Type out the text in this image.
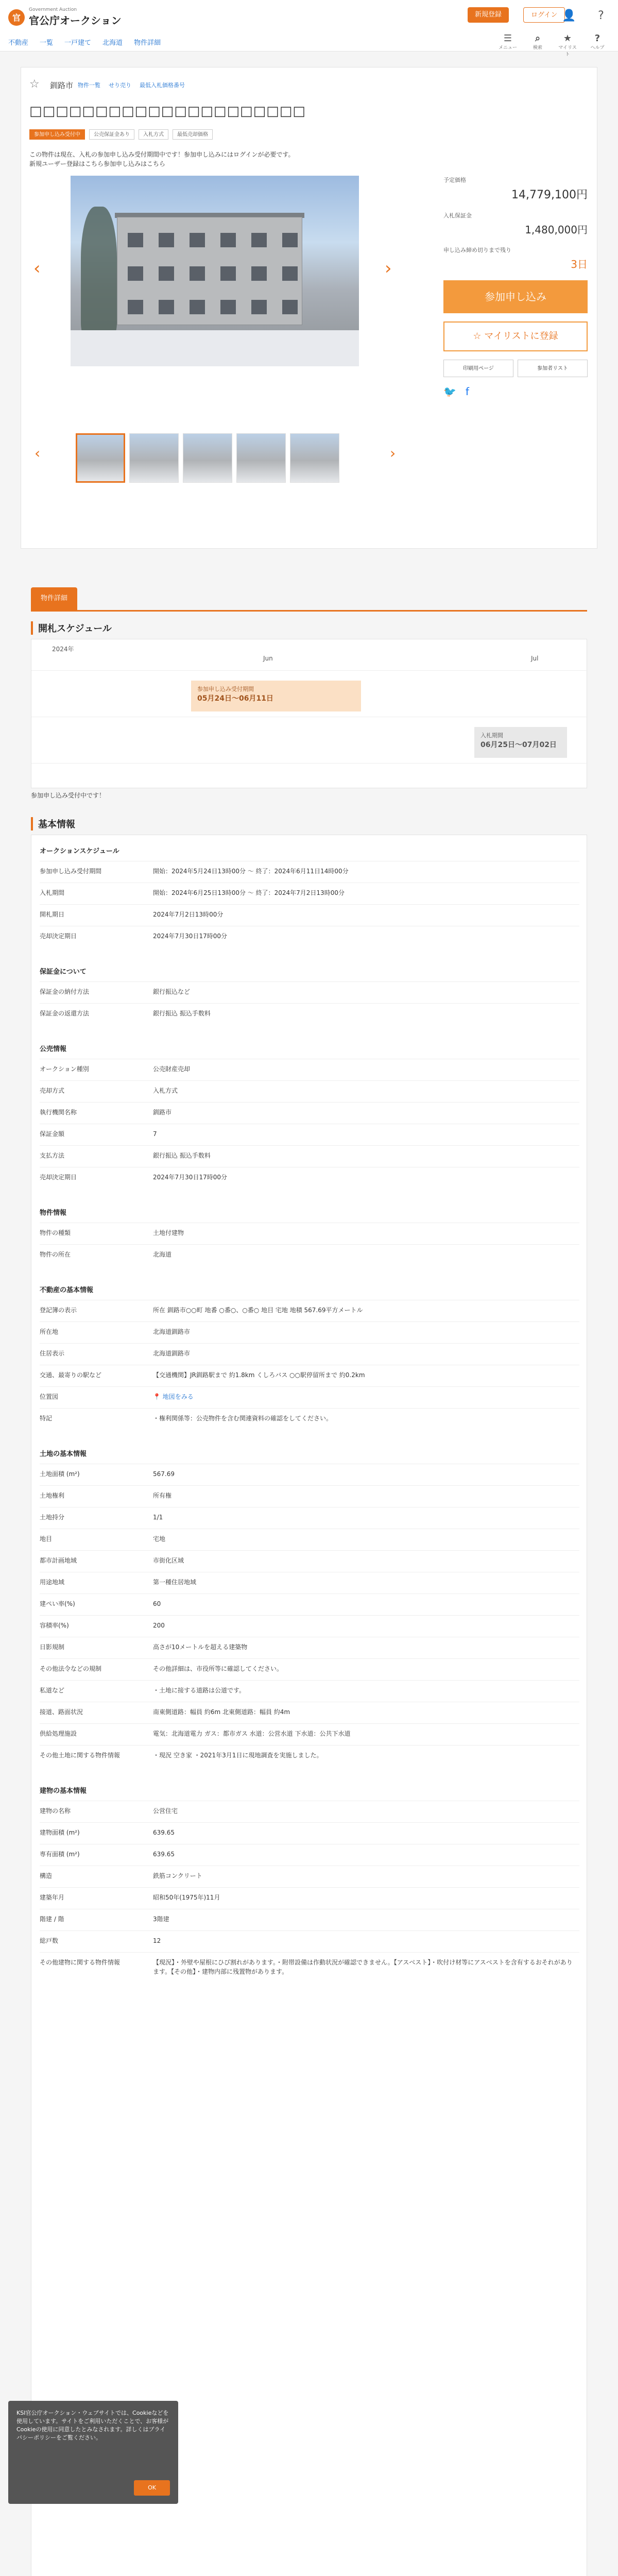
官
Government Auction
官公庁オークション	新規登録	ログイン 👤	?
不動産 一覧 一戸建て 北海道 物件詳細	☰
メニュー
⌕
検索
★
マイリスト
?
ヘルプ
☆ 釧路市 物件一覧 せり売り 最低入札価格番号
□□□□□□□□□□□□□□□□□□□□□
参加申し込み受付中	公売保証金あり	入札方式	最低売却価格
この物件は現在、入札の参加申し込み受付期間中です！参加申し込みにはログインが必要です。新規ユーザー登録はこちら参加申し込みはこちら
‹	›
‹	›
予定価格
14,779,100円
入札保証金
1,480,000円
申し込み締め切りまで残り
3日
参加申し込み
☆ マイリストに登録
印刷用ページ	参加者リスト
🐦 f
物件詳細
開札スケジュール
2024年
Jun	Jul
参加申し込み受付期間
05月24日～06月11日
入札期間
06月25日～07月02日
参加申し込み受付中です！
基本情報
オークションスケジュール
参加申し込み受付期間	開始：2024年5月24日13時00分 ～ 終了：2024年6月11日14時00分
入札期間	開始：2024年6月25日13時00分 ～ 終了：2024年7月2日13時00分
開札期日	2024年7月2日13時00分
売却決定期日	2024年7月30日17時00分
保証金について
保証金の納付方法	銀行振込など
保証金の返還方法	銀行振込 振込手数料
公売情報
オークション種別	公売財産売却
売却方式	入札方式
執行機関名称	釧路市
保証金額	7
支払方法	銀行振込 振込手数料
売却決定期日	2024年7月30日17時00分
物件情報
物件の種類	土地付建物
物件の所在	北海道
不動産の基本情報
登記簿の表示	所在 釧路市○○町 地番 ○番○、○番○ 地目 宅地 地積 567.69平方メートル
所在地	北海道釧路市
住居表示	北海道釧路市
交通、最寄りの駅など	【交通機関】JR釧路駅まで 約1.8km くしろバス ○○駅停留所まで 約0.2km
位置図	📍 地図をみる
特記	・権利関係等：公売物件を含む関連資料の確認をしてください。
土地の基本情報
土地面積 (m²)	567.69
土地権利	所有権
土地持分	1/1
地目	宅地
都市計画地域	市街化区域
用途地域	第一種住居地域
建ぺい率(%)	60
容積率(%)	200
日影規制	高さが10メートルを超える建築物
その他法令などの規制	その他詳細は、市役所等に確認してください。
私道など	・土地に接する道路は公道です。
接道、路面状況	南東側道路：幅員 約6m 北東側道路：幅員 約4m
供給処理施設	電気：北海道電力 ガス：都市ガス 水道：公営水道 下水道：公共下水道
その他土地に関する物件情報	・現況 空き家 ・2021年3月1日に現地調査を実施しました。
建物の基本情報
建物の名称	公営住宅
建物面積 (m²)	639.65
専有面積 (m²)	639.65
構造	鉄筋コンクリート
建築年月	昭和50年(1975年)11月
階建 / 階	3階建
総戸数	12
その他建物に関する物件情報	【現況】・外壁や屋根にひび割れがあります。・附帯設備は作動状況が確認できません。【アスベスト】・吹付け材等にアスベストを含有するおそれがあります。【その他】・建物内部に残置物があります。
KSI官公庁オークション・ウェブサイトでは、Cookieなどを使用しています。サイトをご利用いただくことで、お客様がCookieの使用に同意したとみなされます。詳しくはプライバシーポリシーをご覧ください。
OK
